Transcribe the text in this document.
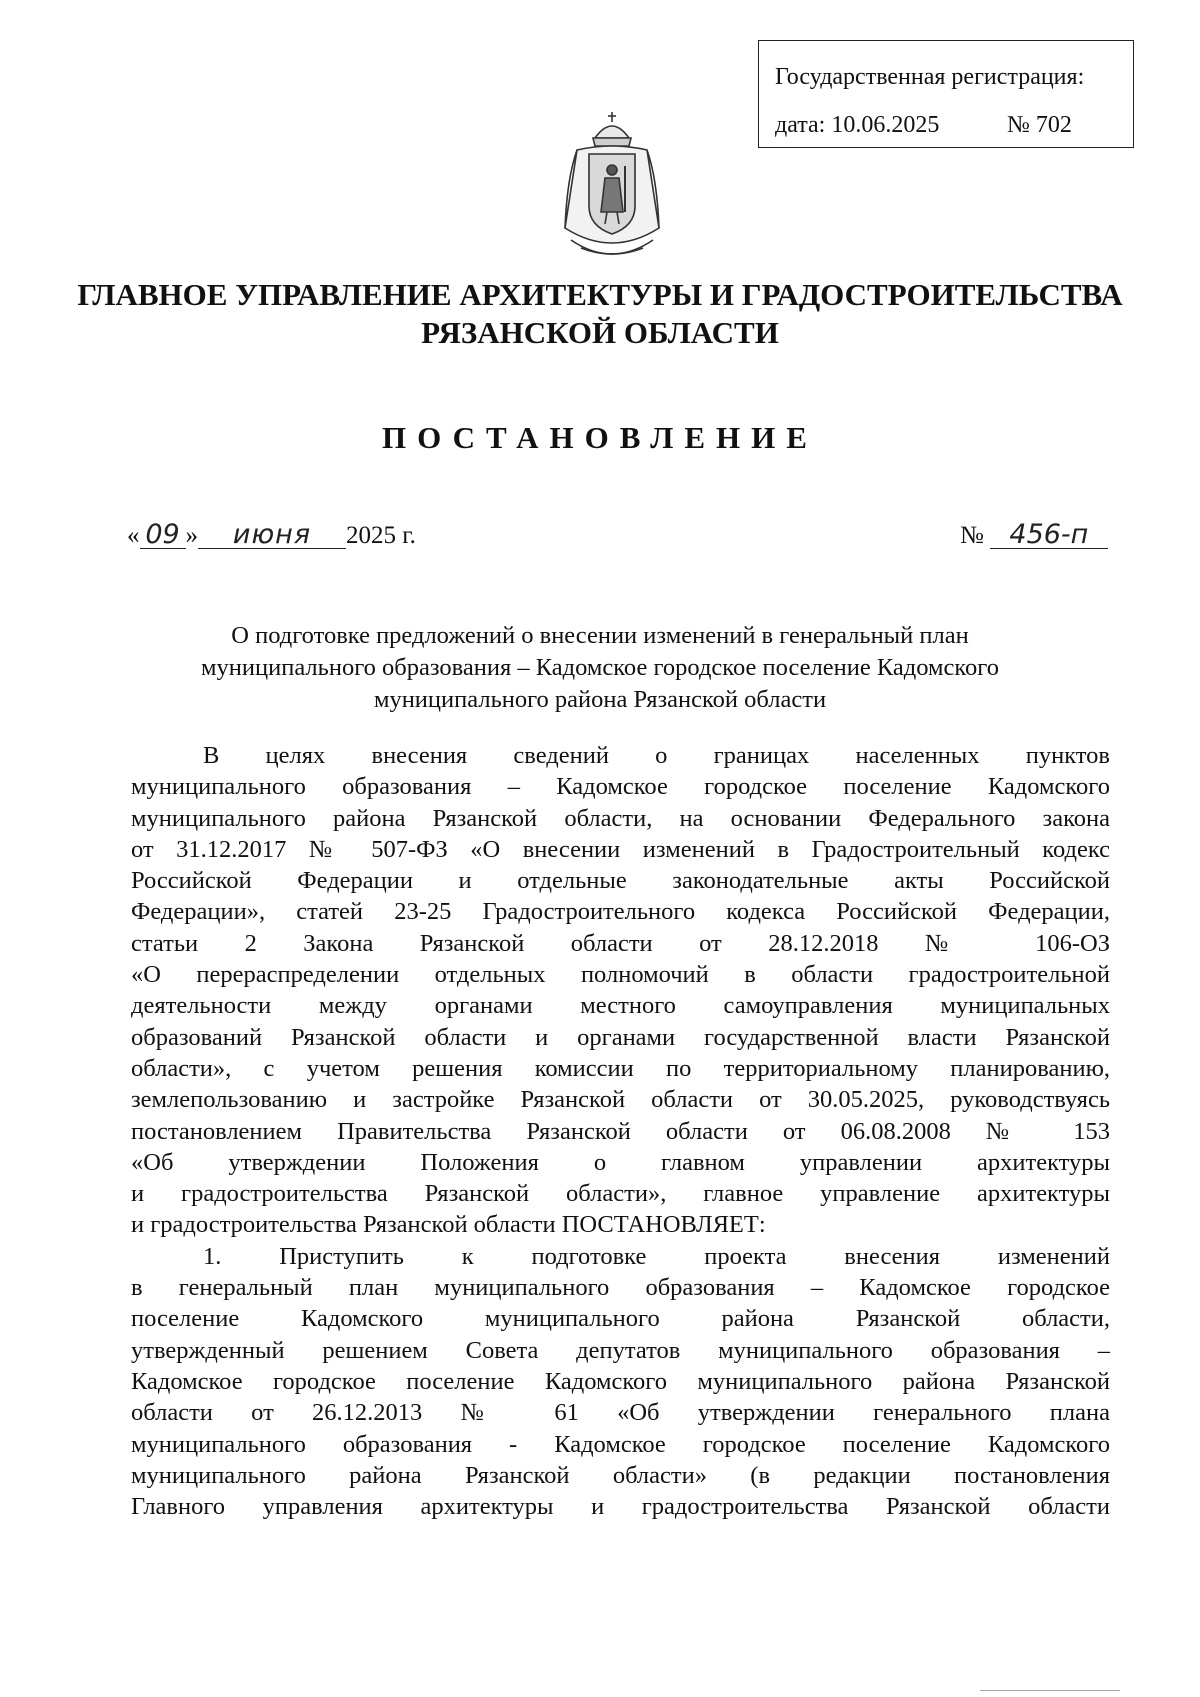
Государственная регистрация:
дата: 10.06.2025	№ 702
ГЛАВНОЕ УПРАВЛЕНИЕ АРХИТЕКТУРЫ И ГРАДОСТРОИТЕЛЬСТВА
РЯЗАНСКОЙ ОБЛАСТИ
ПОСТАНОВЛЕНИЕ
« 09 » июня 2025 г.	№ 456-п
О подготовке предложений о внесении изменений в генеральный план
муниципального образования – Кадомское городское поселение Кадомского
муниципального района Рязанской области
В целях внесения сведений о границах населенных пунктов
муниципального образования – Кадомское городское поселение Кадомского
муниципального района Рязанской области, на основании Федерального закона
от 31.12.2017 № 507-ФЗ «О внесении изменений в Градостроительный кодекс
Российской Федерации и отдельные законодательные акты Российской
Федерации», статей 23-25 Градостроительного кодекса Российской Федерации,
статьи 2 Закона Рязанской области от 28.12.2018 № 106-ОЗ
«О перераспределении отдельных полномочий в области градостроительной
деятельности между органами местного самоуправления муниципальных
образований Рязанской области и органами государственной власти Рязанской
области», с учетом решения комиссии по территориальному планированию,
землепользованию и застройке Рязанской области от 30.05.2025, руководствуясь
постановлением Правительства Рязанской области от 06.08.2008 № 153
«Об утверждении Положения о главном управлении архитектуры
и градостроительства Рязанской области», главное управление архитектуры
и градостроительства Рязанской области ПОСТАНОВЛЯЕТ:
1. Приступить к подготовке проекта внесения изменений
в генеральный план муниципального образования – Кадомское городское
поселение Кадомского муниципального района Рязанской области,
утвержденный решением Совета депутатов муниципального образования –
Кадомское городское поселение Кадомского муниципального района Рязанской
области от 26.12.2013 № 61 «Об утверждении генерального плана
муниципального образования - Кадомское городское поселение Кадомского
муниципального района Рязанской области» (в редакции постановления
Главного управления архитектуры и градостроительства Рязанской области
